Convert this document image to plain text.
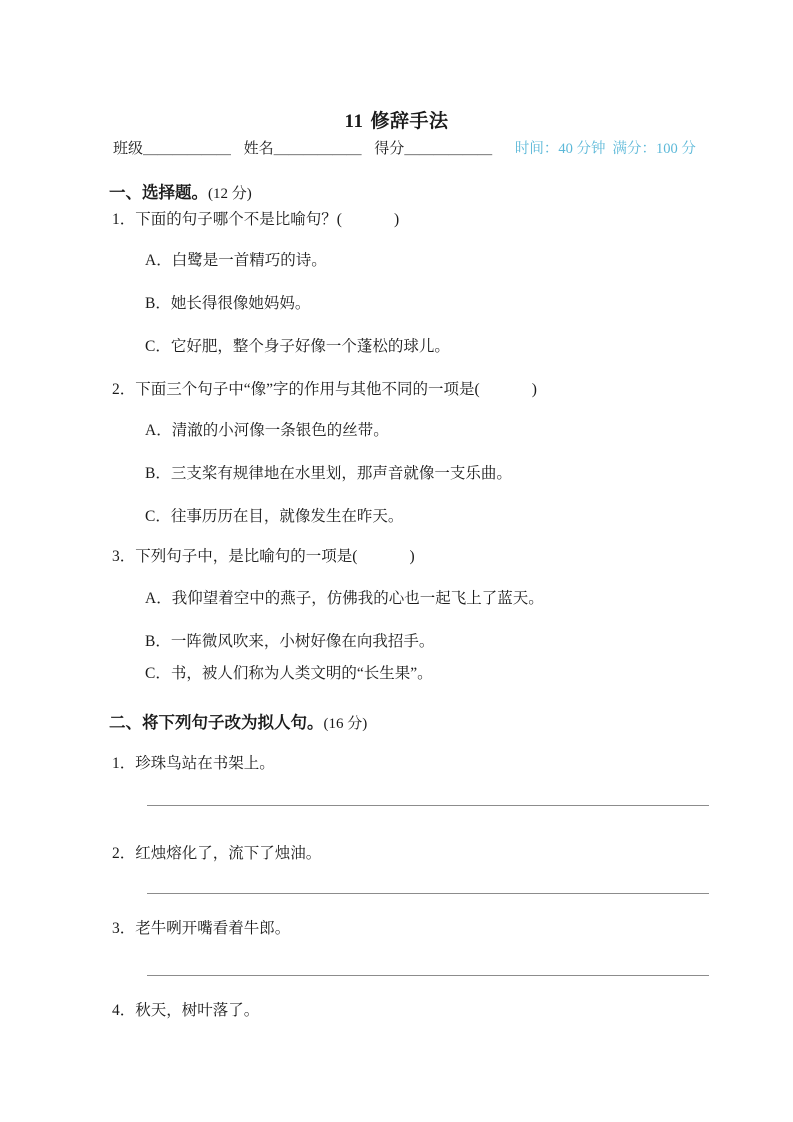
11 修辞手法
班级＿＿＿＿＿＿ 姓名＿＿＿＿＿＿ 得分＿＿＿＿＿＿ 时间：40 分钟 满分：100 分
一、选择题。(12 分)
1．下面的句子哪个不是比喻句？(	)
A．白鹭是一首精巧的诗。
B．她长得很像她妈妈。
C．它好肥，整个身子好像一个蓬松的球儿。
2．下面三个句子中“像”字的作用与其他不同的一项是(	)
A．清澈的小河像一条银色的丝带。
B．三支桨有规律地在水里划，那声音就像一支乐曲。
C．往事历历在目，就像发生在昨天。
3．下列句子中，是比喻句的一项是(	)
A．我仰望着空中的燕子，仿佛我的心也一起飞上了蓝天。
B．一阵微风吹来，小树好像在向我招手。
C．书，被人们称为人类文明的“长生果”。
二、将下列句子改为拟人句。(16 分)
1．珍珠鸟站在书架上。
2．红烛熔化了，流下了烛油。
3．老牛咧开嘴看着牛郎。
4．秋天，树叶落了。
